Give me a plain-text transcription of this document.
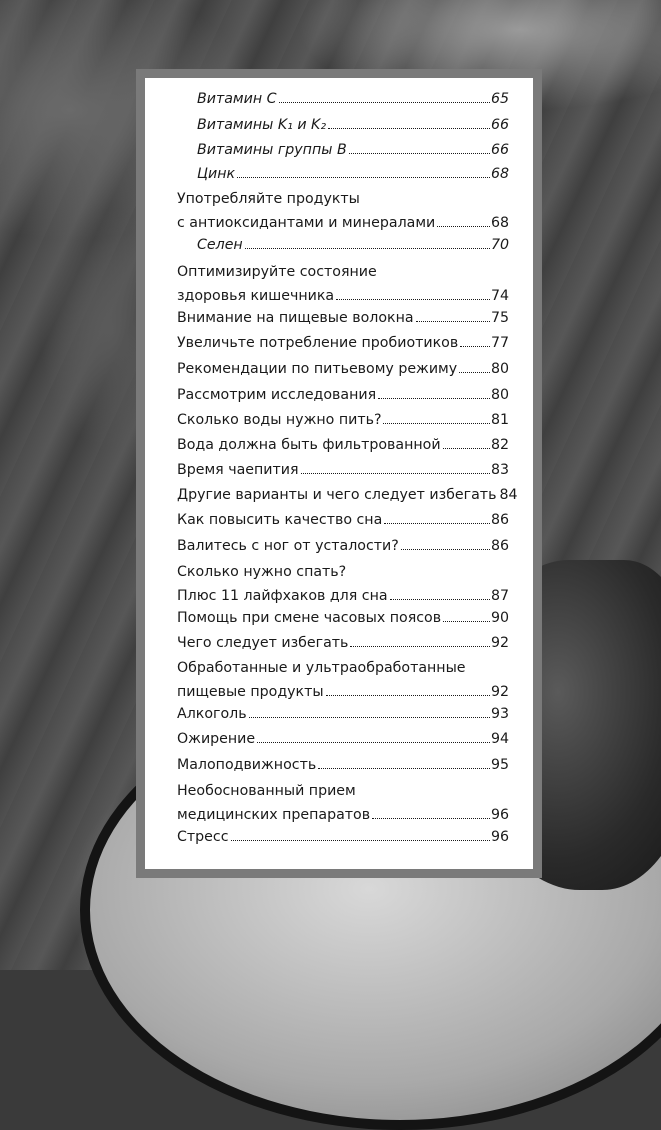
Витамин С	65
Витамины K₁ и K₂	66
Витамины группы В	66
Цинк	68
Употребляйте продукты
с антиоксидантами и минералами	68
Селен	70
Оптимизируйте состояние
здоровья кишечника	74
Внимание на пищевые волокна	75
Увеличьте потребление пробиотиков 77
Рекомендации по питьевому режиму 80
Рассмотрим исследования	80
Сколько воды нужно пить?	81
Вода должна быть фильтрованной	82
Время чаепития	83
Другие варианты и чего следует избегать 84
Как повысить качество сна	86
Валитесь с ног от усталости?	86
Сколько нужно спать?
Плюс 11 лайфхаков для сна	87
Помощь при смене часовых поясов	90
Чего следует избегать	92
Обработанные и ультраобработанные
пищевые продукты	92
Алкоголь	93
Ожирение	94
Малоподвижность	95
Необоснованный прием
медицинских препаратов	96
Стресс	96
